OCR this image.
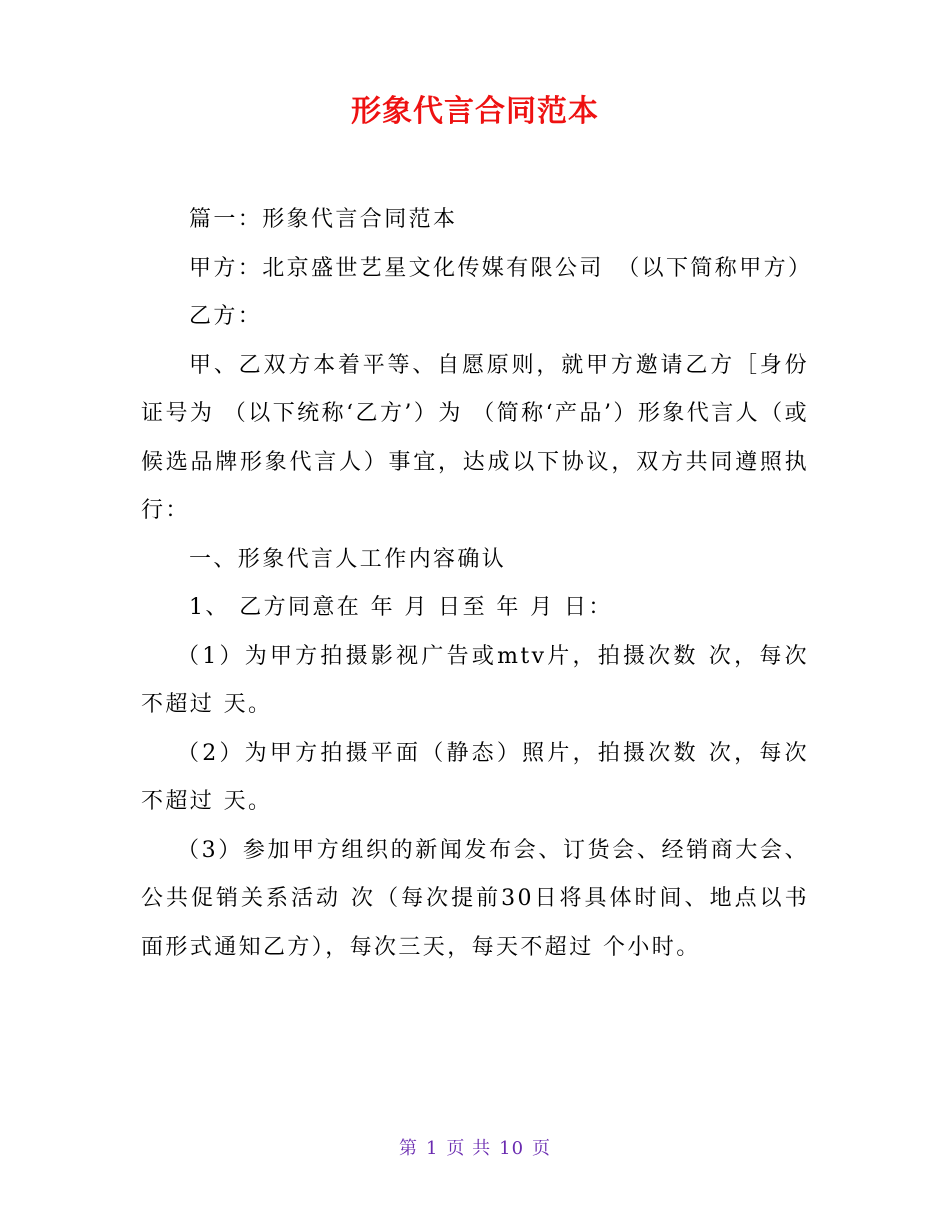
形象代言合同范本

篇一：形象代言合同范本

甲方：北京盛世艺星文化传媒有限公司　（以下简称甲方）

乙方：

甲、乙双方本着平等、自愿原则，就甲方邀请乙方［身份证号为 （以下统称‘乙方’）为 （简称‘产品’）形象代言人（或候选品牌形象代言人）事宜，达成以下协议，双方共同遵照执行：

一、形象代言人工作内容确认

1、 乙方同意在 年 月 日至 年 月 日：

（1）为甲方拍摄影视广告或mtv片，拍摄次数 次，每次不超过 天。

（2）为甲方拍摄平面（静态）照片，拍摄次数 次，每次不超过 天。

（3）参加甲方组织的新闻发布会、订货会、经销商大会、公共促销关系活动 次（每次提前30日将具体时间、地点以书面形式通知乙方），每次三天，每天不超过 个小时。

第 1 页 共 10 页
